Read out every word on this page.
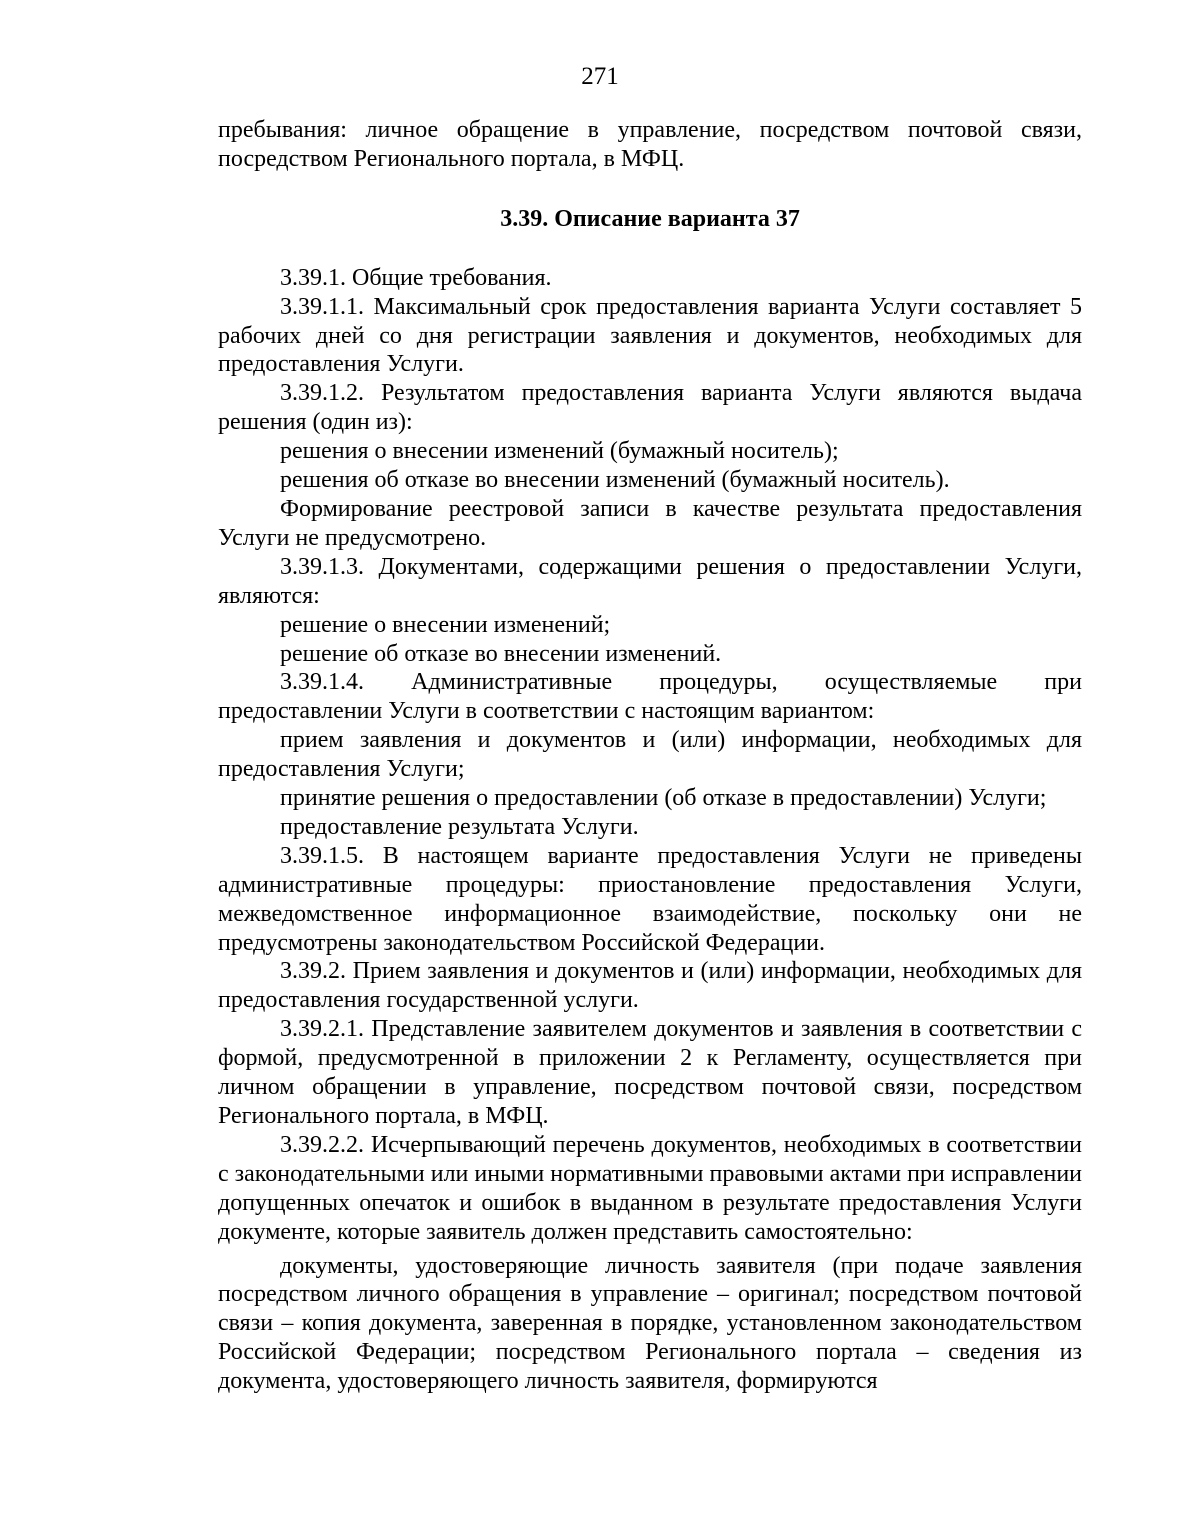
271

пребывания: личное обращение в управление, посредством почтовой связи, посредством Регионального портала, в МФЦ.

3.39. Описание варианта 37

3.39.1. Общие требования.

3.39.1.1. Максимальный срок предоставления варианта Услуги составляет 5 рабочих дней со дня регистрации заявления и документов, необходимых для предоставления Услуги.

3.39.1.2. Результатом предоставления варианта Услуги являются выдача решения (один из):

решения о внесении изменений (бумажный носитель);

решения об отказе во внесении изменений (бумажный носитель).

Формирование реестровой записи в качестве результата предоставления Услуги не предусмотрено.

3.39.1.3. Документами, содержащими решения о предоставлении Услуги, являются:

решение о внесении изменений;

решение об отказе во внесении изменений.

3.39.1.4. Административные процедуры, осуществляемые при предоставлении Услуги в соответствии с настоящим вариантом:

прием заявления и документов и (или) информации, необходимых для предоставления Услуги;

принятие решения о предоставлении (об отказе в предоставлении) Услуги;

предоставление результата Услуги.

3.39.1.5. В настоящем варианте предоставления Услуги не приведены административные процедуры: приостановление предоставления Услуги, межведомственное информационное взаимодействие, поскольку они не предусмотрены законодательством Российской Федерации.

3.39.2. Прием заявления и документов и (или) информации, необходимых для предоставления государственной услуги.

3.39.2.1. Представление заявителем документов и заявления в соответствии с формой, предусмотренной в приложении 2 к Регламенту, осуществляется при личном обращении в управление, посредством почтовой связи, посредством Регионального портала, в МФЦ.

3.39.2.2. Исчерпывающий перечень документов, необходимых в соответствии с законодательными или иными нормативными правовыми актами при исправлении допущенных опечаток и ошибок в выданном в результате предоставления Услуги документе, которые заявитель должен представить самостоятельно:

документы, удостоверяющие личность заявителя (при подаче заявления посредством личного обращения в управление – оригинал; посредством почтовой связи – копия документа, заверенная в порядке, установленном законодательством Российской Федерации; посредством Регионального портала – сведения из документа, удостоверяющего личность заявителя, формируются
